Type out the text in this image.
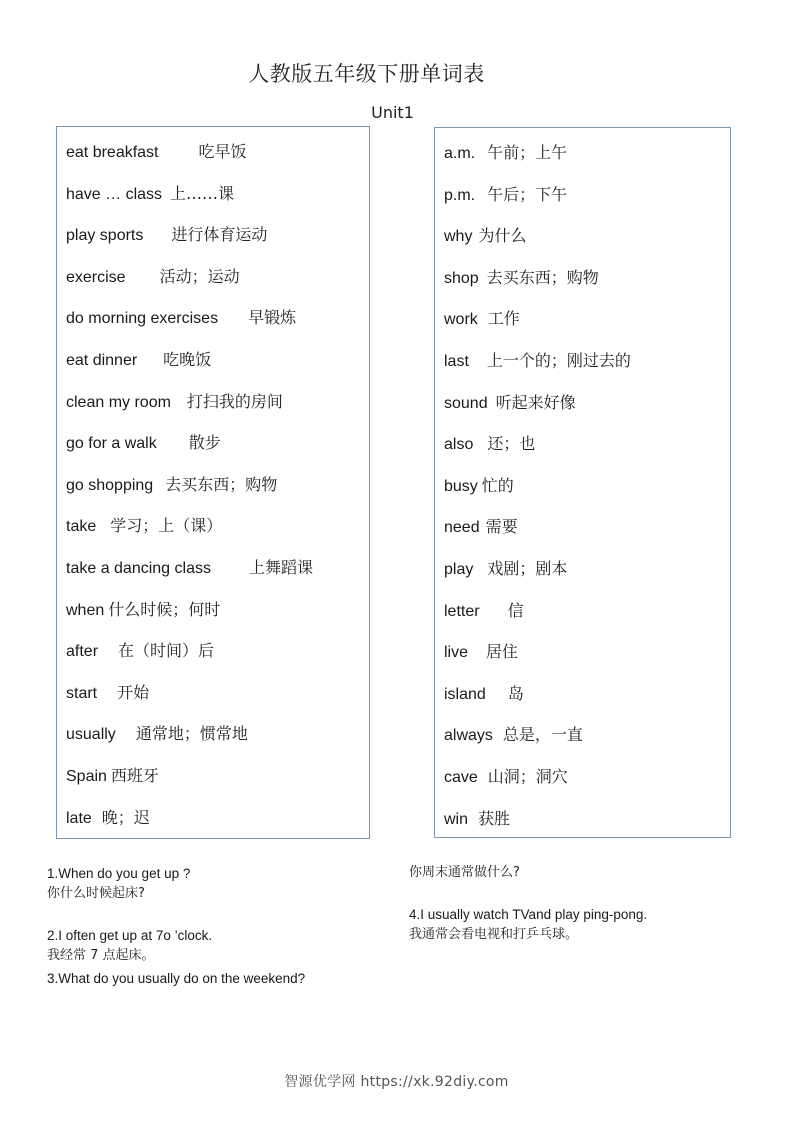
人教版五年级下册单词表
Unit1
eat breakfast	吃早饭
have … class 上……课
play sports 进行体育运动
exercise 活动；运动
do morning exercises 早锻炼
eat dinner 吃晚饭
clean my room 打扫我的房间
go for a walk 散步
go shopping 去买东西；购物
take 学习；上（课）
take a dancing class 上舞蹈课
when 什么时候；何时
after 在（时间）后
start 开始
usually 通常地；惯常地
Spain 西班牙
late 晚；迟
a.m. 午前；上午
p.m. 午后；下午
why 为什么
shop 去买东西；购物
work 工作
last 上一个的；刚过去的
sound 听起来好像
also 还；也
busy 忙的
need 需要
play 戏剧；剧本
letter 信
live 居住
island 岛
always 总是，一直
cave 山洞；洞穴
win 获胜
1.When do you get up ?
你什么时候起床?
2.I often get up at 7o ’clock.
我经常 7 点起床。
3.What do you usually do on the weekend?
你周末通常做什么?
4.I usually watch TVand play ping-pong.
我通常会看电视和打乒乓球。
智源优学网 https://xk.92diy.com
